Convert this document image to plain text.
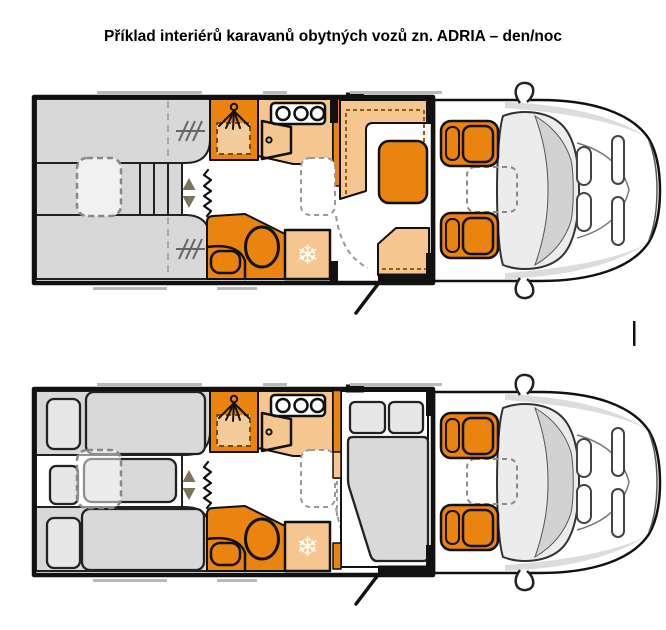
Příklad interiérů karavanů obytných vozů zn. ADRIA – den/noc
